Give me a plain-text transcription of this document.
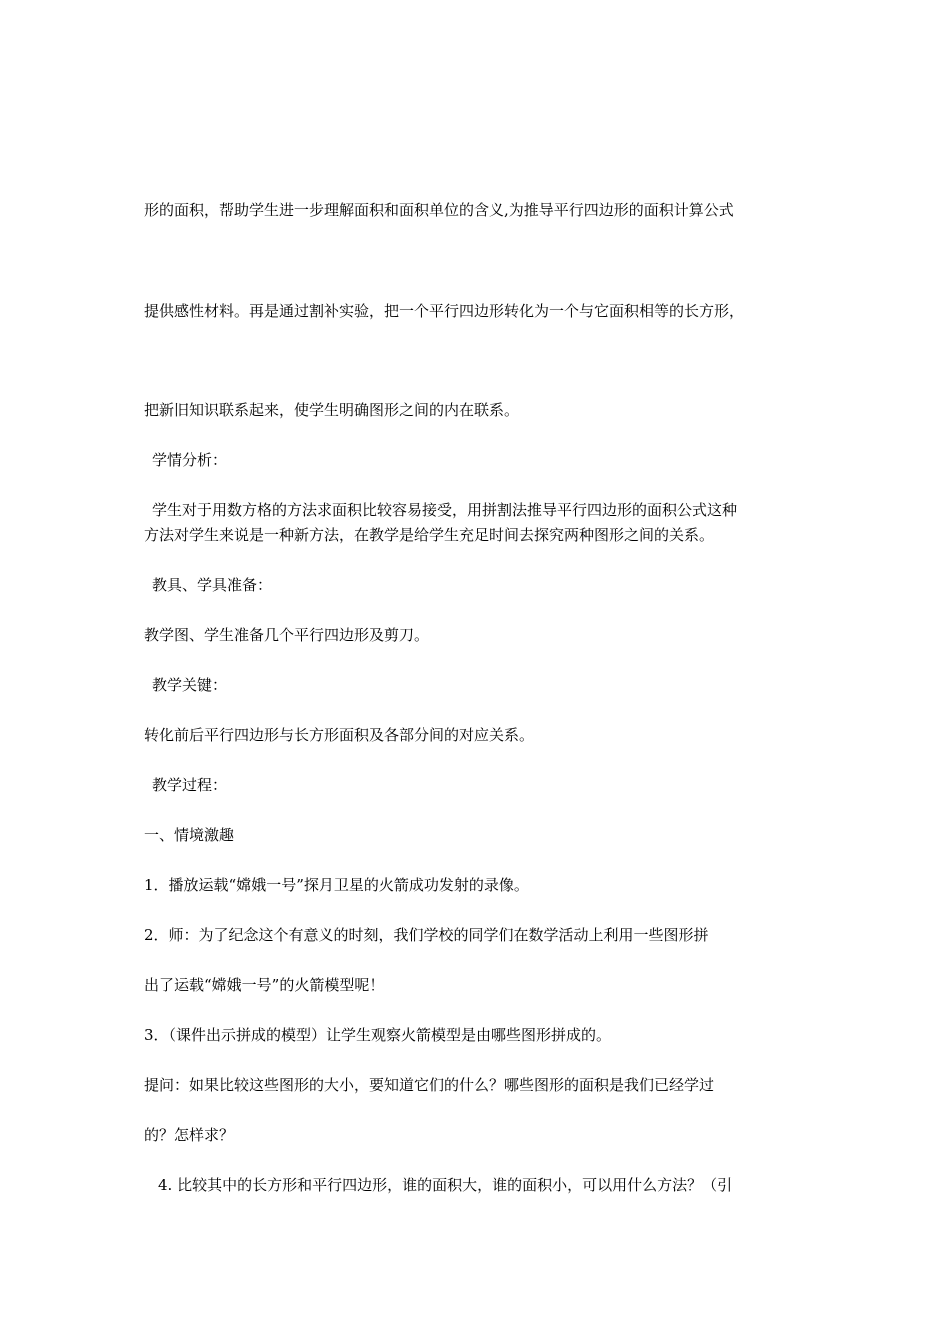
形的面积，帮助学生进一步理解面积和面积单位的含义,为推导平行四边形的面积计算公式
提供感性材料。再是通过割补实验，把一个平行四边形转化为一个与它面积相等的长方形，
把新旧知识联系起来，使学生明确图形之间的内在联系。
学情分析：
学生对于用数方格的方法求面积比较容易接受，用拼割法推导平行四边形的面积公式这种
方法对学生来说是一种新方法，在教学是给学生充足时间去探究两种图形之间的关系。
教具、学具准备：
教学图、学生准备几个平行四边形及剪刀。
教学关键：
转化前后平行四边形与长方形面积及各部分间的对应关系。
教学过程：
一、情境激趣
1．播放运载“嫦娥一号”探月卫星的火箭成功发射的录像。
2．师：为了纪念这个有意义的时刻，我们学校的同学们在数学活动上利用一些图形拼
出了运载“嫦娥一号”的火箭模型呢！
3．（课件出示拼成的模型）让学生观察火箭模型是由哪些图形拼成的。
提问：如果比较这些图形的大小，要知道它们的什么？哪些图形的面积是我们已经学过
的？怎样求？
4. 比较其中的长方形和平行四边形，谁的面积大，谁的面积小，可以用什么方法？（引
